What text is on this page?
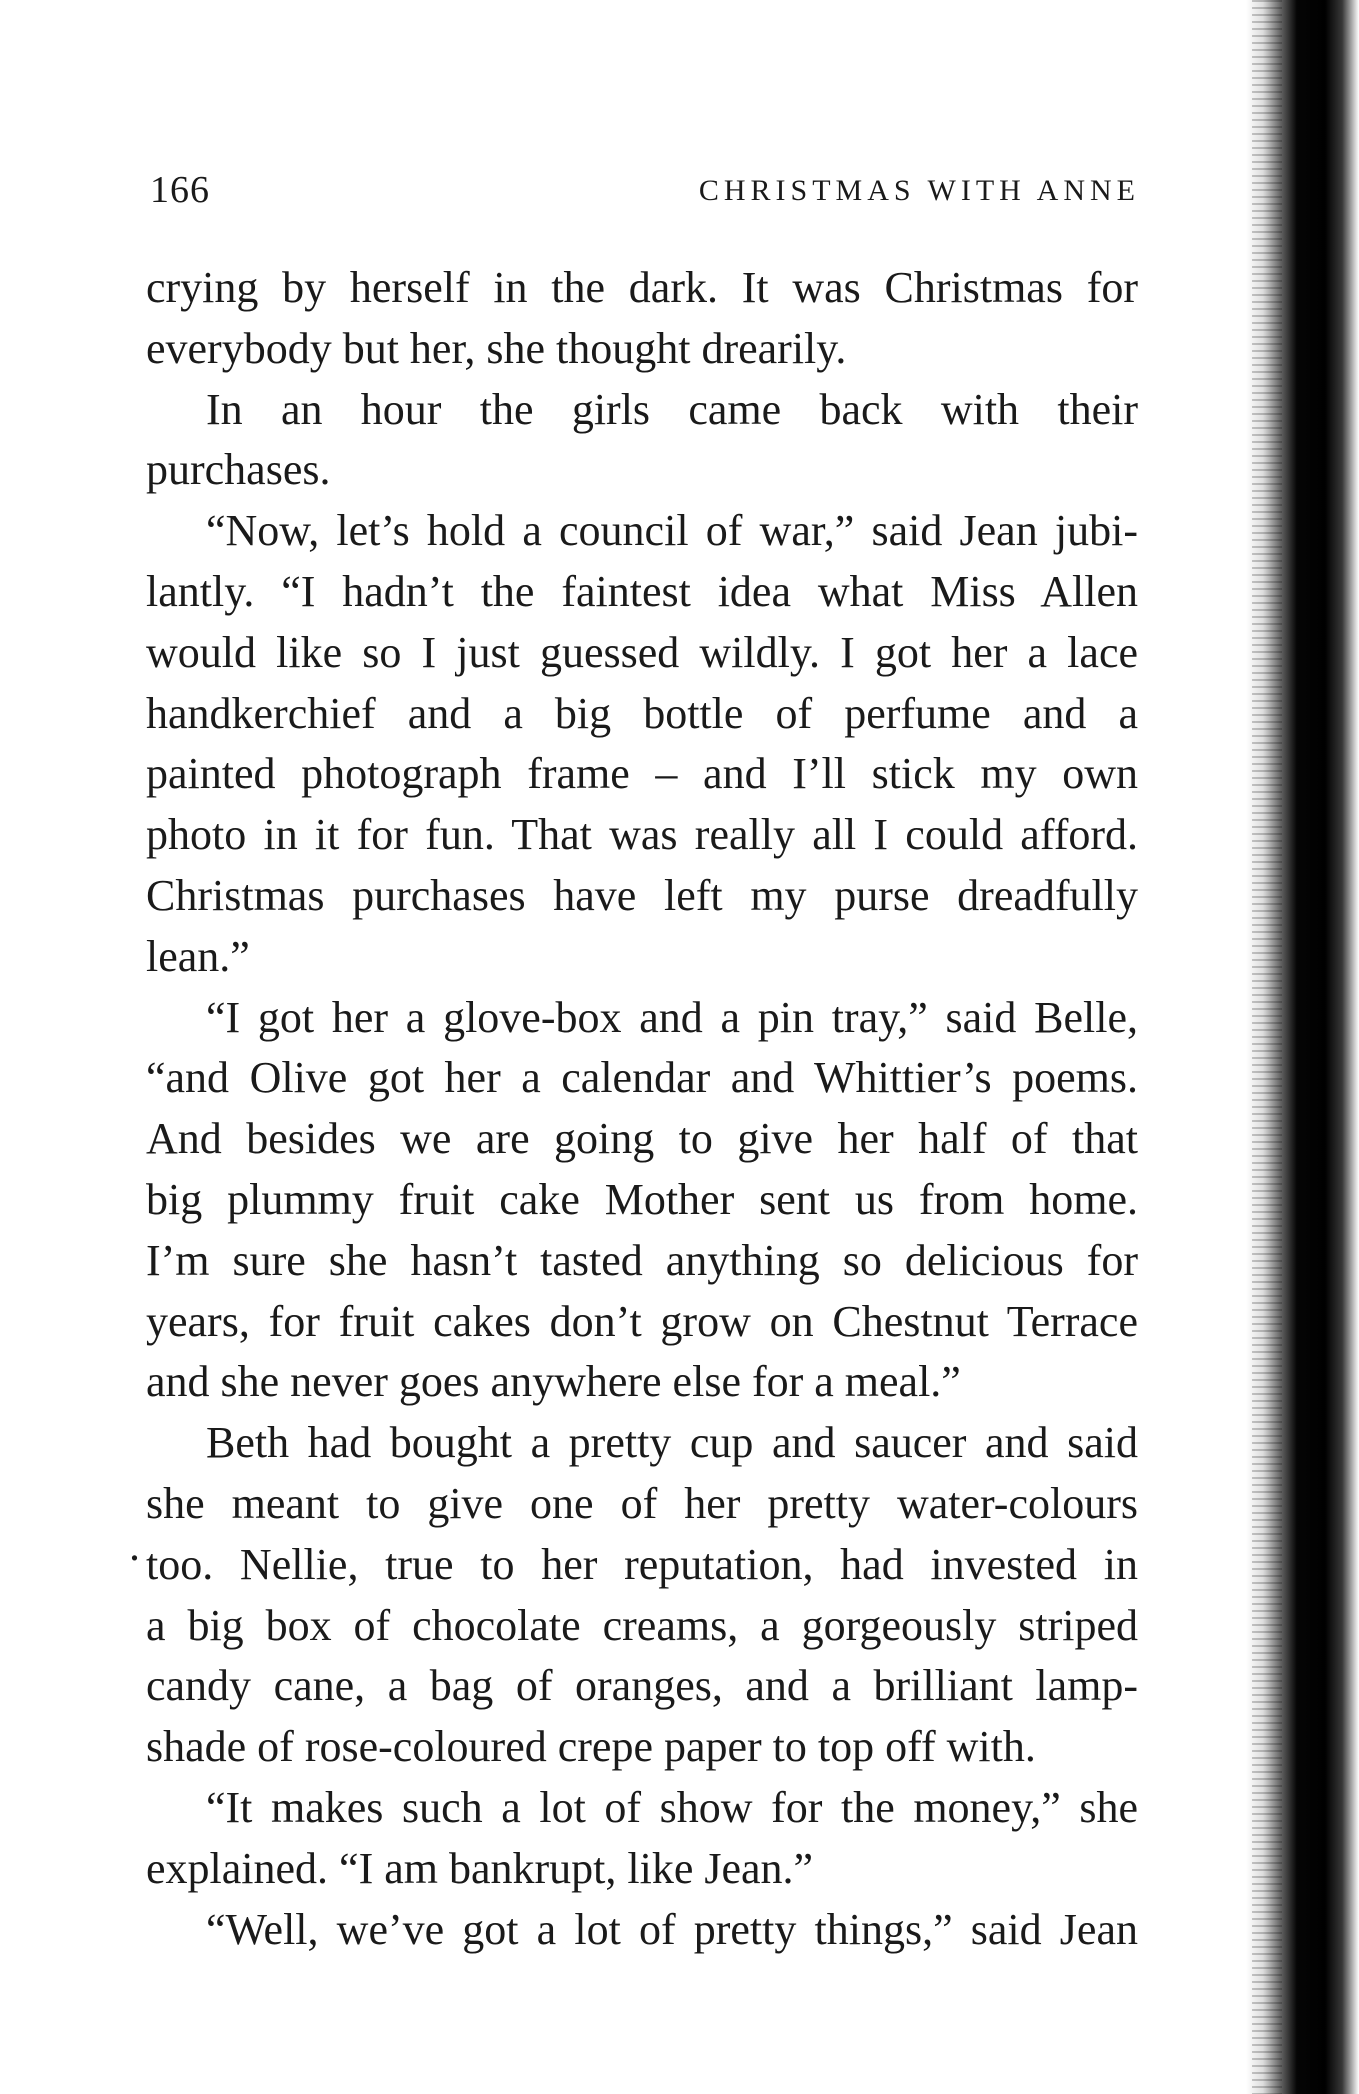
166	CHRISTMAS WITH ANNE
crying by herself in the dark. It was Christmas for
everybody but her, she thought drearily.
In an hour the girls came back with their
purchases.
“Now, let’s hold a council of war,” said Jean jubi-
lantly. “I hadn’t the faintest idea what Miss Allen
would like so I just guessed wildly. I got her a lace
handkerchief and a big bottle of perfume and a
painted photograph frame – and I’ll stick my own
photo in it for fun. That was really all I could afford.
Christmas purchases have left my purse dreadfully
lean.”
“I got her a glove-box and a pin tray,” said Belle,
“and Olive got her a calendar and Whittier’s poems.
And besides we are going to give her half of that
big plummy fruit cake Mother sent us from home.
I’m sure she hasn’t tasted anything so delicious for
years, for fruit cakes don’t grow on Chestnut Terrace
and she never goes anywhere else for a meal.”
Beth had bought a pretty cup and saucer and said
she meant to give one of her pretty water-colours
too. Nellie, true to her reputation, had invested in
a big box of chocolate creams, a gorgeously striped
candy cane, a bag of oranges, and a brilliant lamp-
shade of rose-coloured crepe paper to top off with.
“It makes such a lot of show for the money,” she
explained. “I am bankrupt, like Jean.”
“Well, we’ve got a lot of pretty things,” said Jean
.
